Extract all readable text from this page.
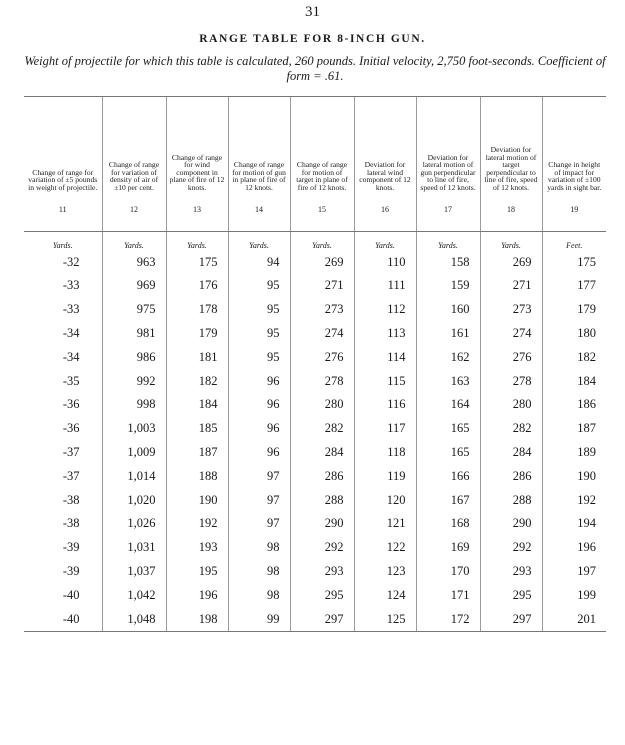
31
RANGE TABLE FOR 8-INCH GUN.
Weight of projectile for which this table is calculated, 260 pounds. Initial velocity, 2,750 foot-seconds. Coefficient of form = .61.
Change of range for variation of ±5 pounds in weight of projectile.	Change of range for variation of density of air of ±10 per cent.	Change of range for wind component in plane of fire of 12 knots.	Change of range for motion of gun in plane of fire of 12 knots.	Change of range for motion of target in plane of fire of 12 knots.	Deviation for lateral wind component of 12 knots.	Deviation for lateral motion of gun perpendicular to line of fire, speed of 12 knots.	Deviation for lateral motion of target perpendicular to line of fire, speed of 12 knots.	Change in height of impact for variation of ±100 yards in sight bar.
11	12	13	14	15	16	17	18	19
Yards.	Yards.	Yards.	Yards.	Yards.	Yards.	Yards.	Yards.	Feet.
-32	963	175	94	269	110	158	269	175
-33	969	176	95	271	111	159	271	177
-33	975	178	95	273	112	160	273	179
-34	981	179	95	274	113	161	274	180
-34	986	181	95	276	114	162	276	182
-35	992	182	96	278	115	163	278	184
-36	998	184	96	280	116	164	280	186
-36	1,003	185	96	282	117	165	282	187
-37	1,009	187	96	284	118	165	284	189
-37	1,014	188	97	286	119	166	286	190
-38	1,020	190	97	288	120	167	288	192
-38	1,026	192	97	290	121	168	290	194
-39	1,031	193	98	292	122	169	292	196
-39	1,037	195	98	293	123	170	293	197
-40	1,042	196	98	295	124	171	295	199
-40	1,048	198	99	297	125	172	297	201
